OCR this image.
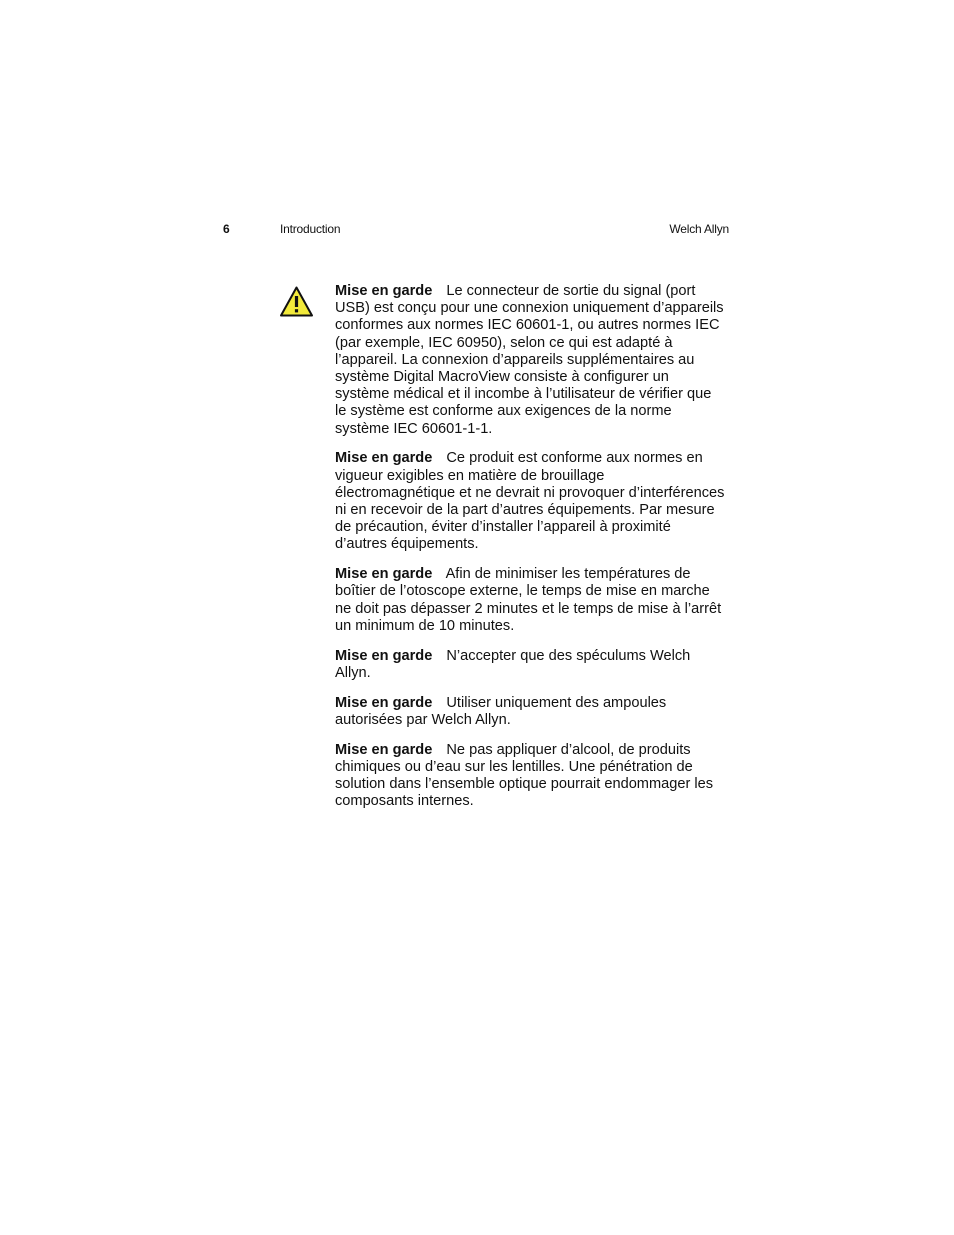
6	Introduction	Welch Allyn

Mise en garde Le connecteur de sortie du signal (port USB) est conçu pour une connexion uniquement d’appareils conformes aux normes IEC 60601-1, ou autres normes IEC (par exemple, IEC 60950), selon ce qui est adapté à l’appareil. La connexion d’appareils supplémentaires au système Digital MacroView consiste à configurer un système médical et il incombe à l’utilisateur de vérifier que le système est conforme aux exigences de la norme système IEC 60601-1-1.

Mise en garde Ce produit est conforme aux normes en vigueur exigibles en matière de brouillage électromagnétique et ne devrait ni provoquer d’interférences ni en recevoir de la part d’autres équipements. Par mesure de précaution, éviter d’installer l’appareil à proximité d’autres équipements.

Mise en garde Afin de minimiser les températures de boîtier de l’otoscope externe, le temps de mise en marche ne doit pas dépasser 2 minutes et le temps de mise à l’arrêt un minimum de 10 minutes.

Mise en garde N’accepter que des spéculums Welch Allyn.

Mise en garde Utiliser uniquement des ampoules autorisées par Welch Allyn.

Mise en garde Ne pas appliquer d’alcool, de produits chimiques ou d’eau sur les lentilles. Une pénétration de solution dans l’ensemble optique pourrait endommager les composants internes.
